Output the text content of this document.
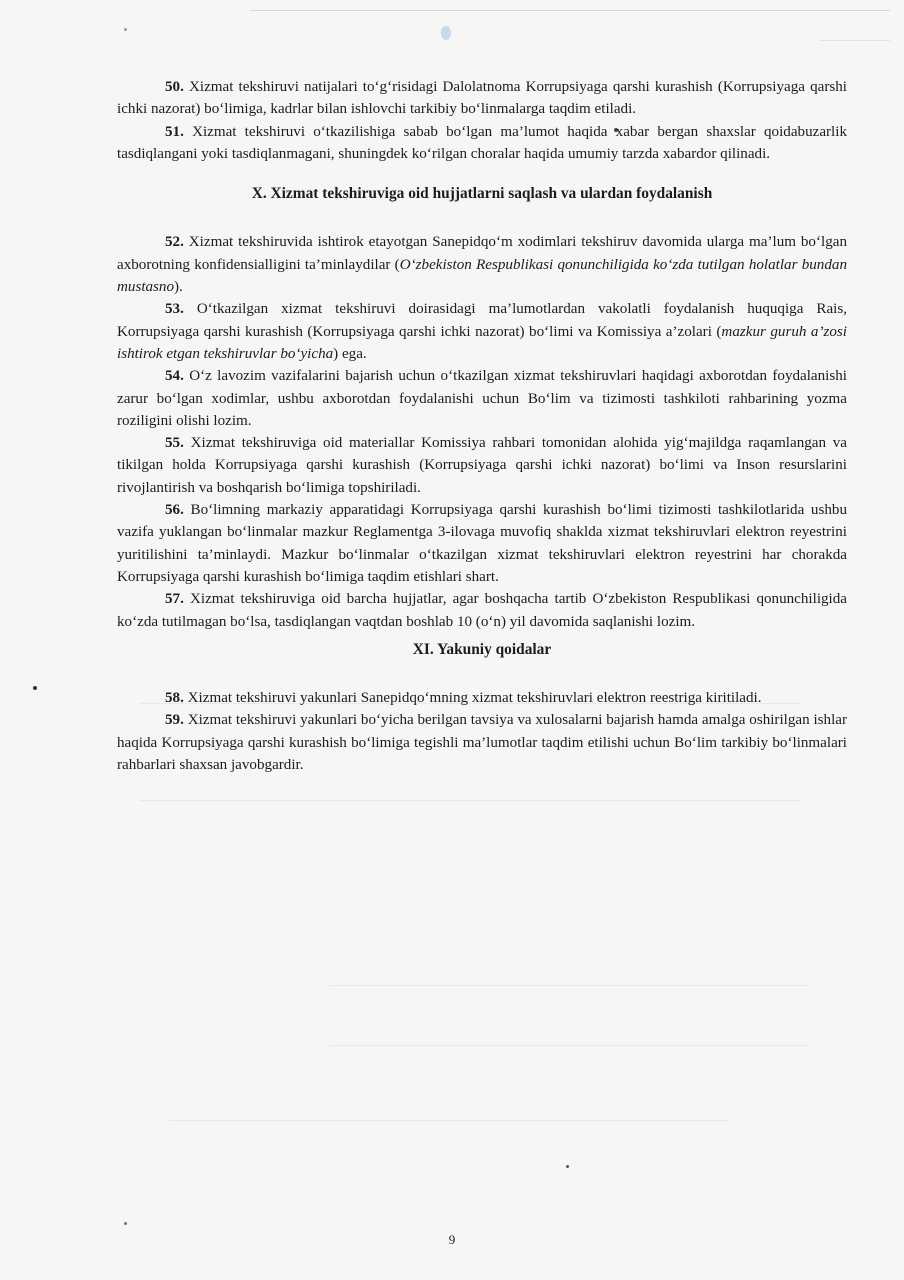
50. Xizmat tekshiruvi natijalari to‘g‘risidagi Dalolatnoma Korrupsiyaga qarshi kurashish (Korrupsiyaga qarshi ichki nazorat) bo‘limiga, kadrlar bilan ishlovchi tarkibiy bo‘linmalarga taqdim etiladi.

51. Xizmat tekshiruvi o‘tkazilishiga sabab bo‘lgan ma’lumot haqida xabar bergan shaxslar qoidabuzarlik tasdiqlangani yoki tasdiqlanmagani, shuningdek ko‘rilgan choralar haqida umumiy tarzda xabardor qilinadi.

X. Xizmat tekshiruviga oid hujjatlarni saqlash va ulardan foydalanish

52. Xizmat tekshiruvida ishtirok etayotgan Sanepidqo‘m xodimlari tekshiruv davomida ularga ma’lum bo‘lgan axborotning konfidensialligini ta’minlaydilar (O‘zbekiston Respublikasi qonunchiligida ko‘zda tutilgan holatlar bundan mustasno).

53. O‘tkazilgan xizmat tekshiruvi doirasidagi ma’lumotlardan vakolatli foydalanish huquqiga Rais, Korrupsiyaga qarshi kurashish (Korrupsiyaga qarshi ichki nazorat) bo‘limi va Komissiya a’zolari (mazkur guruh a’zosi ishtirok etgan tekshiruvlar bo‘yicha) ega.

54. O‘z lavozim vazifalarini bajarish uchun o‘tkazilgan xizmat tekshiruvlari haqidagi axborotdan foydalanishi zarur bo‘lgan xodimlar, ushbu axborotdan foydalanishi uchun Bo‘lim va tizimosti tashkiloti rahbarining yozma roziligini olishi lozim.

55. Xizmat tekshiruviga oid materiallar Komissiya rahbari tomonidan alohida yig‘majildga raqamlangan va tikilgan holda Korrupsiyaga qarshi kurashish (Korrupsiyaga qarshi ichki nazorat) bo‘limi va Inson resurslarini rivojlantirish va boshqarish bo‘limiga topshiriladi.

56. Bo‘limning markaziy apparatidagi Korrupsiyaga qarshi kurashish bo‘limi tizimosti tashkilotlarida ushbu vazifa yuklangan bo‘linmalar mazkur Reglamentga 3-ilovaga muvofiq shaklda xizmat tekshiruvlari elektron reyestrini yuritilishini ta’minlaydi. Mazkur bo‘linmalar o‘tkazilgan xizmat tekshiruvlari elektron reyestrini har chorakda Korrupsiyaga qarshi kurashish bo‘limiga taqdim etishlari shart.

57. Xizmat tekshiruviga oid barcha hujjatlar, agar boshqacha tartib O‘zbekiston Respublikasi qonunchiligida ko‘zda tutilmagan bo‘lsa, tasdiqlangan vaqtdan boshlab 10 (o‘n) yil davomida saqlanishi lozim.

XI. Yakuniy qoidalar

58. Xizmat tekshiruvi yakunlari Sanepidqo‘mning xizmat tekshiruvlari elektron reestriga kiritiladi.

59. Xizmat tekshiruvi yakunlari bo‘yicha berilgan tavsiya va xulosalarni bajarish hamda amalga oshirilgan ishlar haqida Korrupsiyaga qarshi kurashish bo‘limiga tegishli ma’lumotlar taqdim etilishi uchun Bo‘lim tarkibiy bo‘linmalari rahbarlari shaxsan javobgardir.

9
